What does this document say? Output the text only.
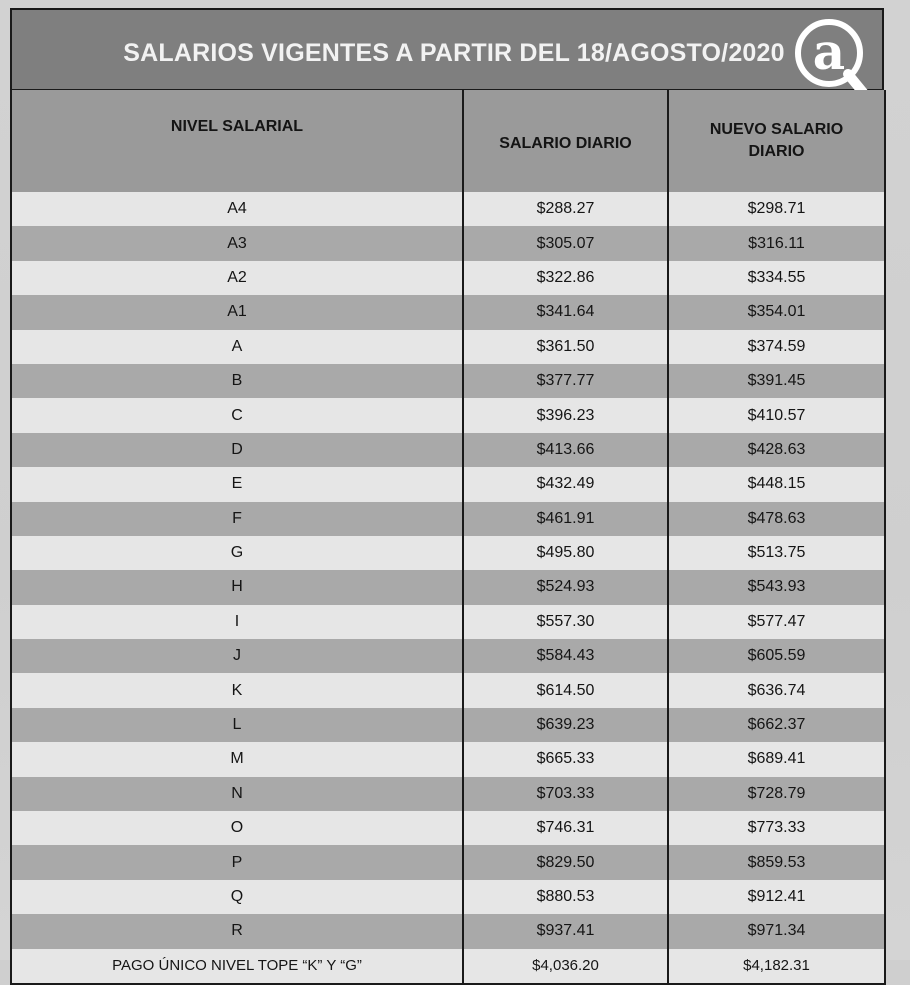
SALARIOS VIGENTES A PARTIR DEL 18/AGOSTO/2020 a
NIVEL SALARIAL	SALARIO DIARIO	NUEVO SALARIO
DIARIO

A4	$288.27	$298.71
A3	$305.07	$316.11
A2	$322.86	$334.55
A1	$341.64	$354.01
A	$361.50	$374.59
B	$377.77	$391.45
C	$396.23	$410.57
D	$413.66	$428.63
E	$432.49	$448.15
F	$461.91	$478.63
G	$495.80	$513.75
H	$524.93	$543.93
I	$557.30	$577.47
J	$584.43	$605.59
K	$614.50	$636.74
L	$639.23	$662.37
M	$665.33	$689.41
N	$703.33	$728.79
O	$746.31	$773.33
P	$829.50	$859.53
Q	$880.53	$912.41
R	$937.41	$971.34
PAGO ÚNICO NIVEL TOPE “K” Y “G”	$4,036.20	$4,182.31
